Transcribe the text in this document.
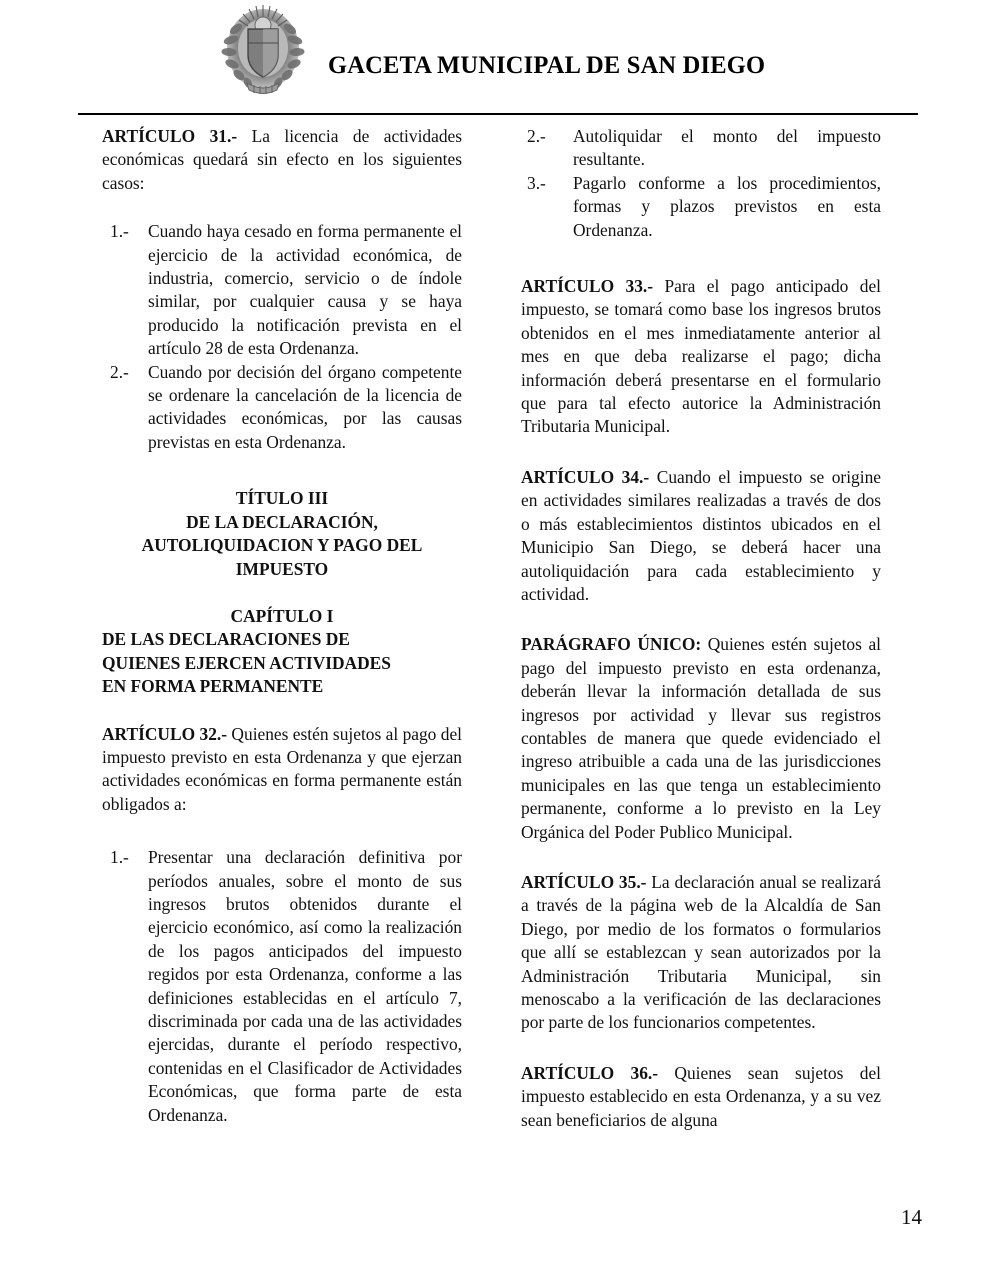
GACETA MUNICIPAL DE SAN DIEGO

ARTÍCULO 31.- La licencia de actividades económicas quedará sin efecto en los siguientes casos:

1.-	Cuando haya cesado en forma permanente el ejercicio de la actividad económica, de industria, comercio, servicio o de índole similar, por cualquier causa y se haya producido la notificación prevista en el artículo 28 de esta Ordenanza.
2.-	Cuando por decisión del órgano competente se ordenare la cancelación de la licencia de actividades económicas, por las causas previstas en esta Ordenanza.
TÍTULO III
DE LA DECLARACIÓN,
AUTOLIQUIDACION Y PAGO DEL
IMPUESTO
CAPÍTULO I
DE LAS DECLARACIONES DE
QUIENES EJERCEN ACTIVIDADES
EN FORMA PERMANENTE

ARTÍCULO 32.- Quienes estén sujetos al pago del impuesto previsto en esta Ordenanza y que ejerzan actividades económicas en forma permanente están obligados a:

1.-	Presentar una declaración definitiva por períodos anuales, sobre el monto de sus ingresos brutos obtenidos durante el ejercicio económico, así como la realización de los pagos anticipados del impuesto regidos por esta Ordenanza, conforme a las definiciones establecidas en el artículo 7, discriminada por cada una de las actividades ejercidas, durante el período respectivo, contenidas en el Clasificador de Actividades Económicas, que forma parte de esta Ordenanza.
2.-	Autoliquidar el monto del impuesto resultante.
3.-	Pagarlo conforme a los procedimientos, formas y plazos previstos en esta Ordenanza.

ARTÍCULO 33.- Para el pago anticipado del impuesto, se tomará como base los ingresos brutos obtenidos en el mes inmediatamente anterior al mes en que deba realizarse el pago; dicha información deberá presentarse en el formulario que para tal efecto autorice la Administración Tributaria Municipal.

ARTÍCULO 34.- Cuando el impuesto se origine en actividades similares realizadas a través de dos o más establecimientos distintos ubicados en el Municipio San Diego, se deberá hacer una autoliquidación para cada establecimiento y actividad.

PARÁGRAFO ÚNICO: Quienes estén sujetos al pago del impuesto previsto en esta ordenanza, deberán llevar la información detallada de sus ingresos por actividad y llevar sus registros contables de manera que quede evidenciado el ingreso atribuible a cada una de las jurisdicciones municipales en las que tenga un establecimiento permanente, conforme a lo previsto en la Ley Orgánica del Poder Publico Municipal.

ARTÍCULO 35.- La declaración anual se realizará a través de la página web de la Alcaldía de San Diego, por medio de los formatos o formularios que allí se establezcan y sean autorizados por la Administración Tributaria Municipal, sin menoscabo a la verificación de las declaraciones por parte de los funcionarios competentes.

ARTÍCULO 36.- Quienes sean sujetos del impuesto establecido en esta Ordenanza, y a su vez sean beneficiarios de alguna

14
